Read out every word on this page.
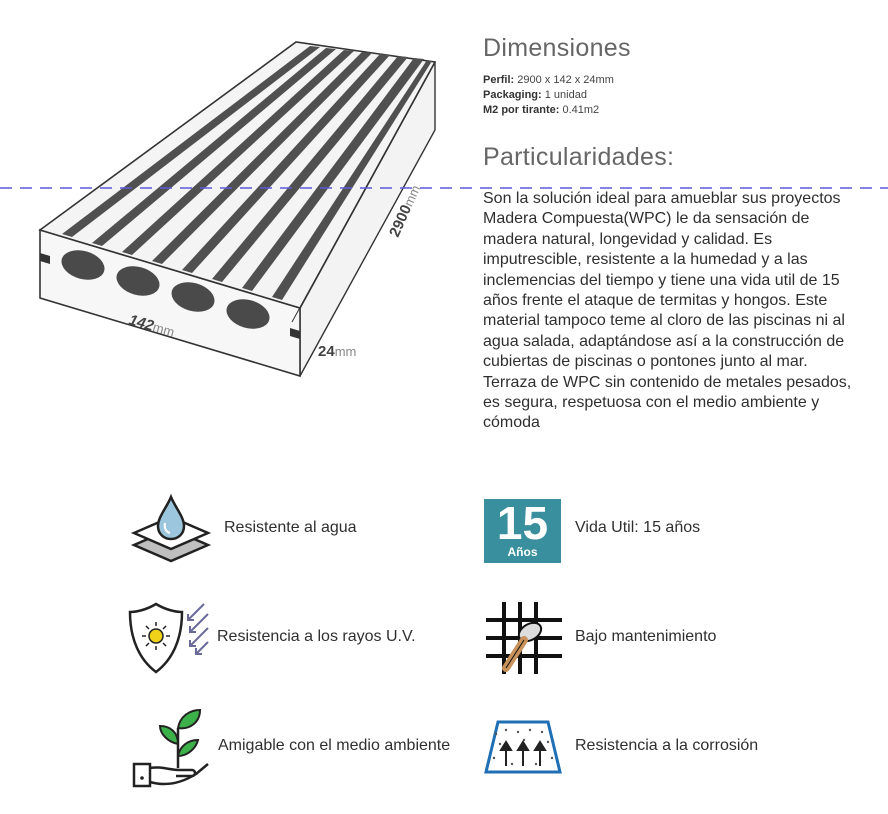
2900mm
142mm
24mm
Dimensiones
Perfil: 2900 x 142 x 24mm
Packaging: 1 unidad
M2 por tirante: 0.41m2
Particularidades:
Son la solución ideal para amueblar sus proyectos Madera Compuesta(WPC) le da sensación de madera natural, longevidad y calidad. Es imputrescible, resistente a la humedad y a las inclemencias del tiempo y tiene una vida util de 15 años frente el ataque de termitas y hongos. Este material tampoco teme al cloro de las piscinas ni al agua salada, adaptándose así a la construcción de cubiertas de piscinas o pontones junto al mar. Terraza de WPC sin contenido de metales pesados, es segura, respetuosa con el medio ambiente y cómoda
Resistente al agua	15
Años
Vida Util: 15 años
Resistencia a los rayos U.V.	Bajo mantenimiento
Amigable con el medio ambiente	Resistencia a la corrosión
